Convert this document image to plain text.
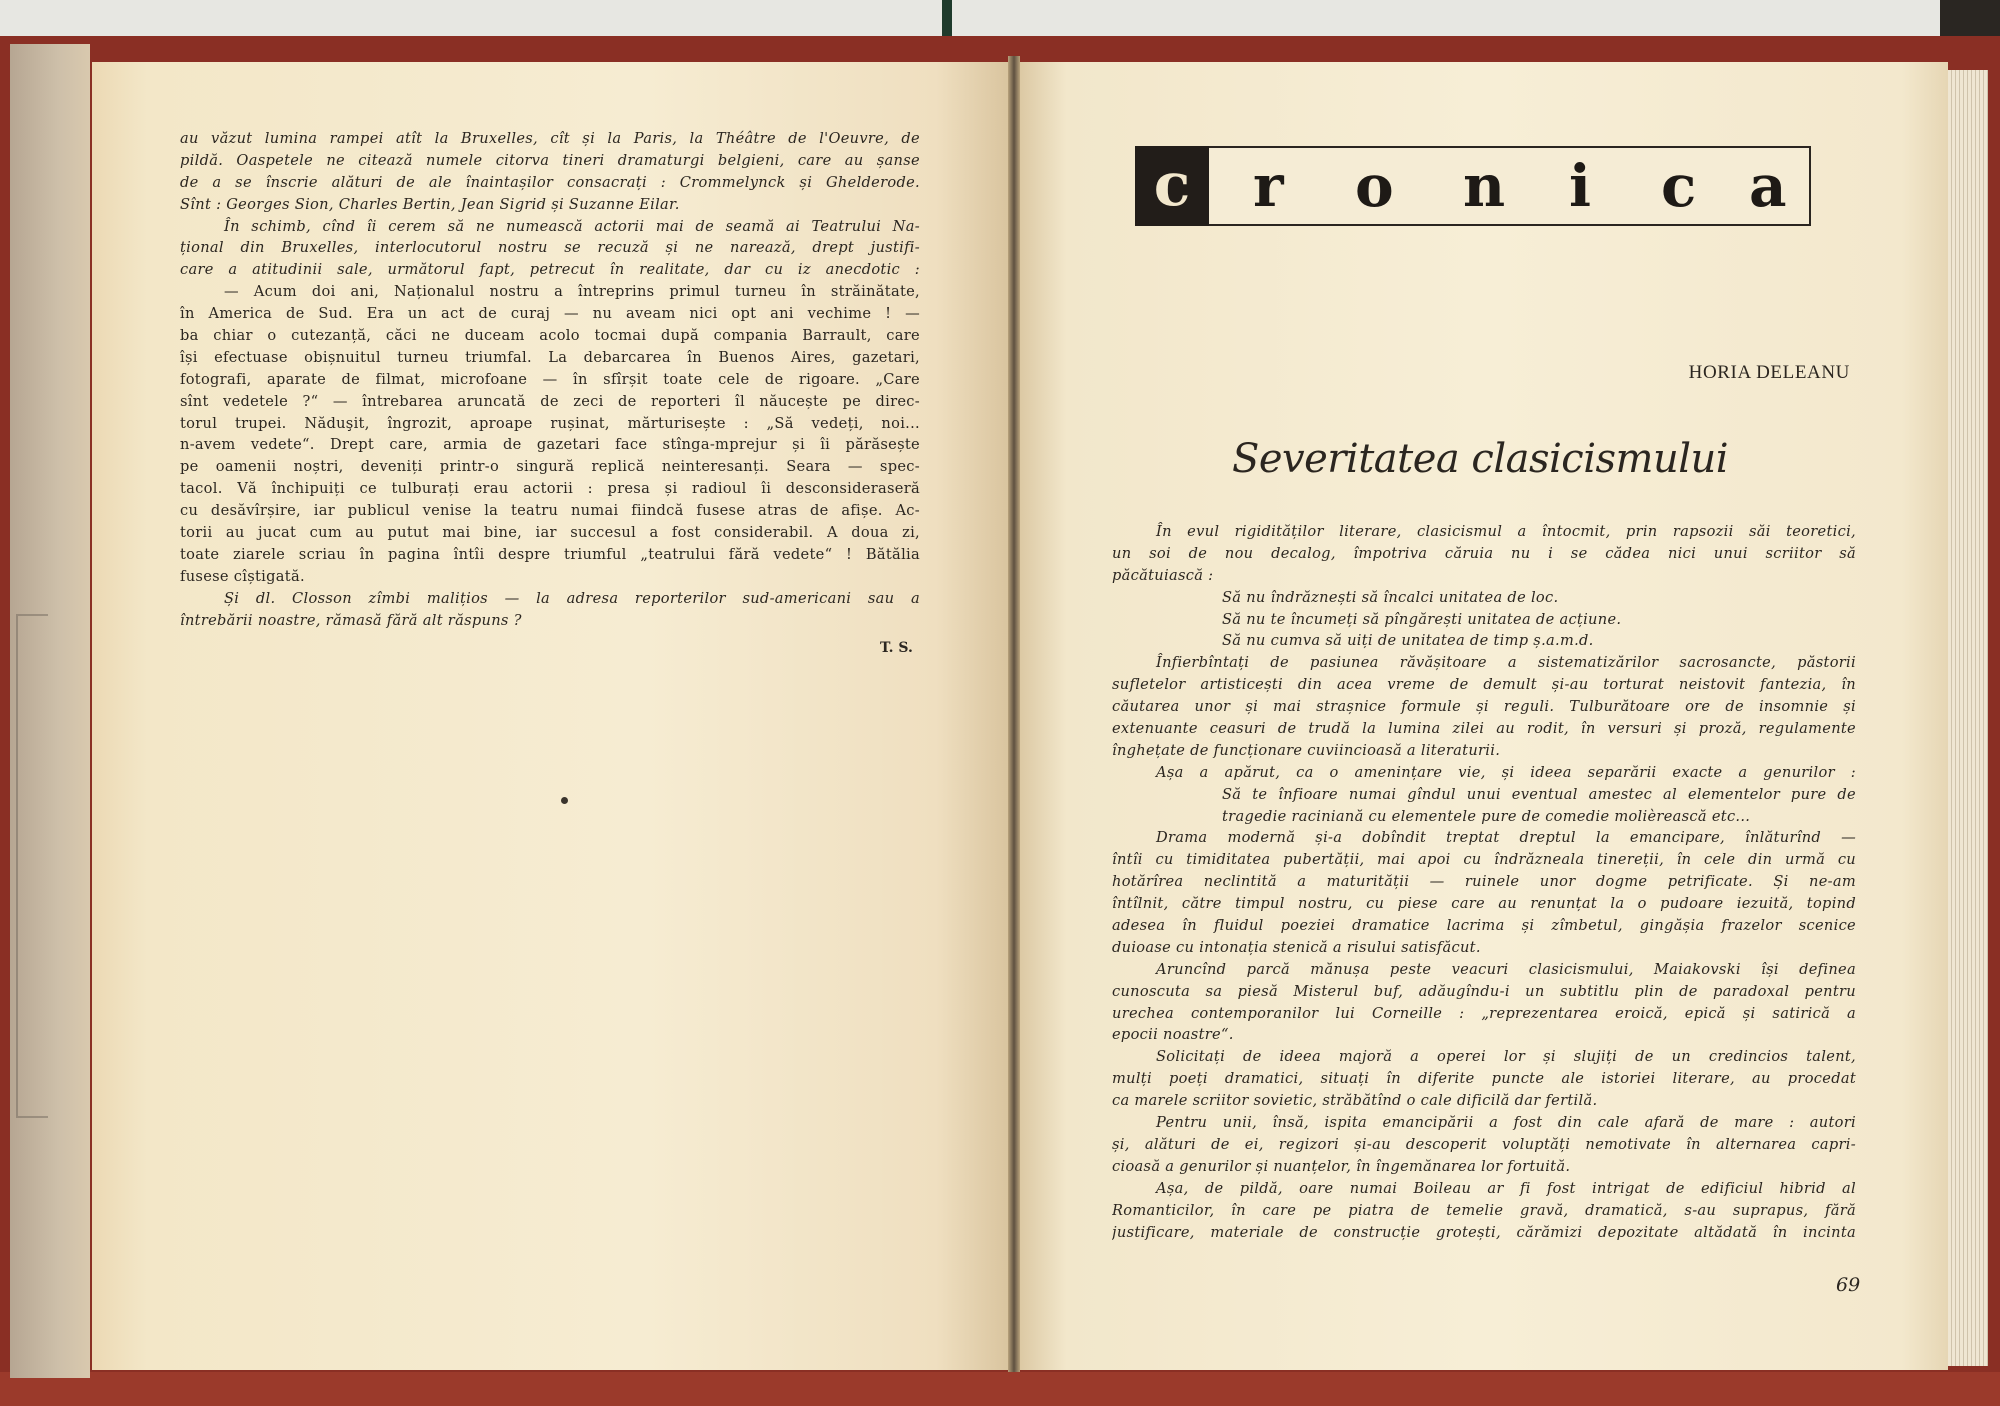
au văzut lumina rampei atît la Bruxelles, cît și la Paris, la Théâtre de l'Oeuvre, de

pildă. Oaspetele ne citează numele citorva tineri dramaturgi belgieni, care au șanse

de a se înscrie alături de ale înaintașilor consacrați : Crommelynck și Ghelderode.

Sînt : Georges Sion, Charles Bertin, Jean Sigrid și Suzanne Eilar.

În schimb, cînd îi cerem să ne numească actorii mai de seamă ai Teatrului Na-

țional din Bruxelles, interlocutorul nostru se recuză și ne narează, drept justifi-

care a atitudinii sale, următorul fapt, petrecut în realitate, dar cu iz anecdotic :

— Acum doi ani, Naționalul nostru a întreprins primul turneu în străinătate,

în America de Sud. Era un act de curaj — nu aveam nici opt ani vechime ! —

ba chiar o cutezanță, căci ne duceam acolo tocmai după compania Barrault, care

își efectuase obișnuitul turneu triumfal. La debarcarea în Buenos Aires, gazetari,

fotografi, aparate de filmat, microfoane — în sfîrșit toate cele de rigoare. „Care

sînt vedetele ?“ — întrebarea aruncată de zeci de reporteri îl năucește pe direc-

torul trupei. Năduşit, îngrozit, aproape rușinat, mărturisește : „Să vedeți, noi...

n-avem vedete“. Drept care, armia de gazetari face stînga-mprejur și îi părăsește

pe oamenii noștri, deveniți printr-o singură replică neinteresanți. Seara — spec-

tacol. Vă închipuiți ce tulburați erau actorii : presa și radioul îi desconsideraseră

cu desăvîrșire, iar publicul venise la teatru numai fiindcă fusese atras de afișe. Ac-

torii au jucat cum au putut mai bine, iar succesul a fost considerabil. A doua zi,

toate ziarele scriau în pagina întîi despre triumful „teatrului fără vedete“ ! Bătălia

fusese cîștigată.

Și dl. Closson zîmbi malițios — la adresa reporterilor sud-americani sau a

întrebării noastre, rămasă fără alt răspuns ?

T. S.
c	r o n i c a
HORIA DELEANU
Severitatea clasicismului

În evul rigidităților literare, clasicismul a întocmit, prin rapsozii săi teoretici,

un soi de nou decalog, împotriva căruia nu i se cădea nici unui scriitor să

păcătuiască :

Să nu îndrăznești să încalci unitatea de loc.

Să nu te încumeți să pîngărești unitatea de acțiune.

Să nu cumva să uiți de unitatea de timp ș.a.m.d.

Înfierbîntați de pasiunea răvășitoare a sistematizărilor sacrosancte, păstorii

sufletelor artisticești din acea vreme de demult și-au torturat neistovit fantezia, în

căutarea unor și mai strașnice formule și reguli. Tulburătoare ore de insomnie și

extenuante ceasuri de trudă la lumina zilei au rodit, în versuri și proză, regulamente

înghețate de funcționare cuviincioasă a literaturii.

Așa a apărut, ca o amenințare vie, și ideea separării exacte a genurilor :

Să te înfioare numai gîndul unui eventual amestec al elementelor pure de

tragedie raciniană cu elementele pure de comedie molièrească etc...

Drama modernă și-a dobîndit treptat dreptul la emancipare, înlăturînd —

întîi cu timiditatea pubertății, mai apoi cu îndrăzneala tinereții, în cele din urmă cu

hotărîrea neclintită a maturității — ruinele unor dogme petrificate. Și ne-am

întîlnit, către timpul nostru, cu piese care au renunțat la o pudoare iezuită, topind

adesea în fluidul poeziei dramatice lacrima și zîmbetul, gingășia frazelor scenice

duioase cu intonația stenică a risului satisfăcut.

Aruncînd parcă mănușa peste veacuri clasicismului, Maiakovski își definea

cunoscuta sa piesă Misterul buf, adăugîndu-i un subtitlu plin de paradoxal pentru

urechea contemporanilor lui Corneille : „reprezentarea eroică, epică și satirică a

epocii noastre“.

Solicitați de ideea majoră a operei lor și slujiți de un credincios talent,

mulți poeți dramatici, situați în diferite puncte ale istoriei literare, au procedat

ca marele scriitor sovietic, străbătînd o cale dificilă dar fertilă.

Pentru unii, însă, ispita emancipării a fost din cale afară de mare : autori

și, alături de ei, regizori și-au descoperit voluptăți nemotivate în alternarea capri-

cioasă a genurilor și nuanțelor, în îngemănarea lor fortuită.

Așa, de pildă, oare numai Boileau ar fi fost intrigat de edificiul hibrid al

Romanticilor, în care pe piatra de temelie gravă, dramatică, s-au suprapus, fără

justificare, materiale de construcție grotești, cărămizi depozitate altădată în incinta

69
